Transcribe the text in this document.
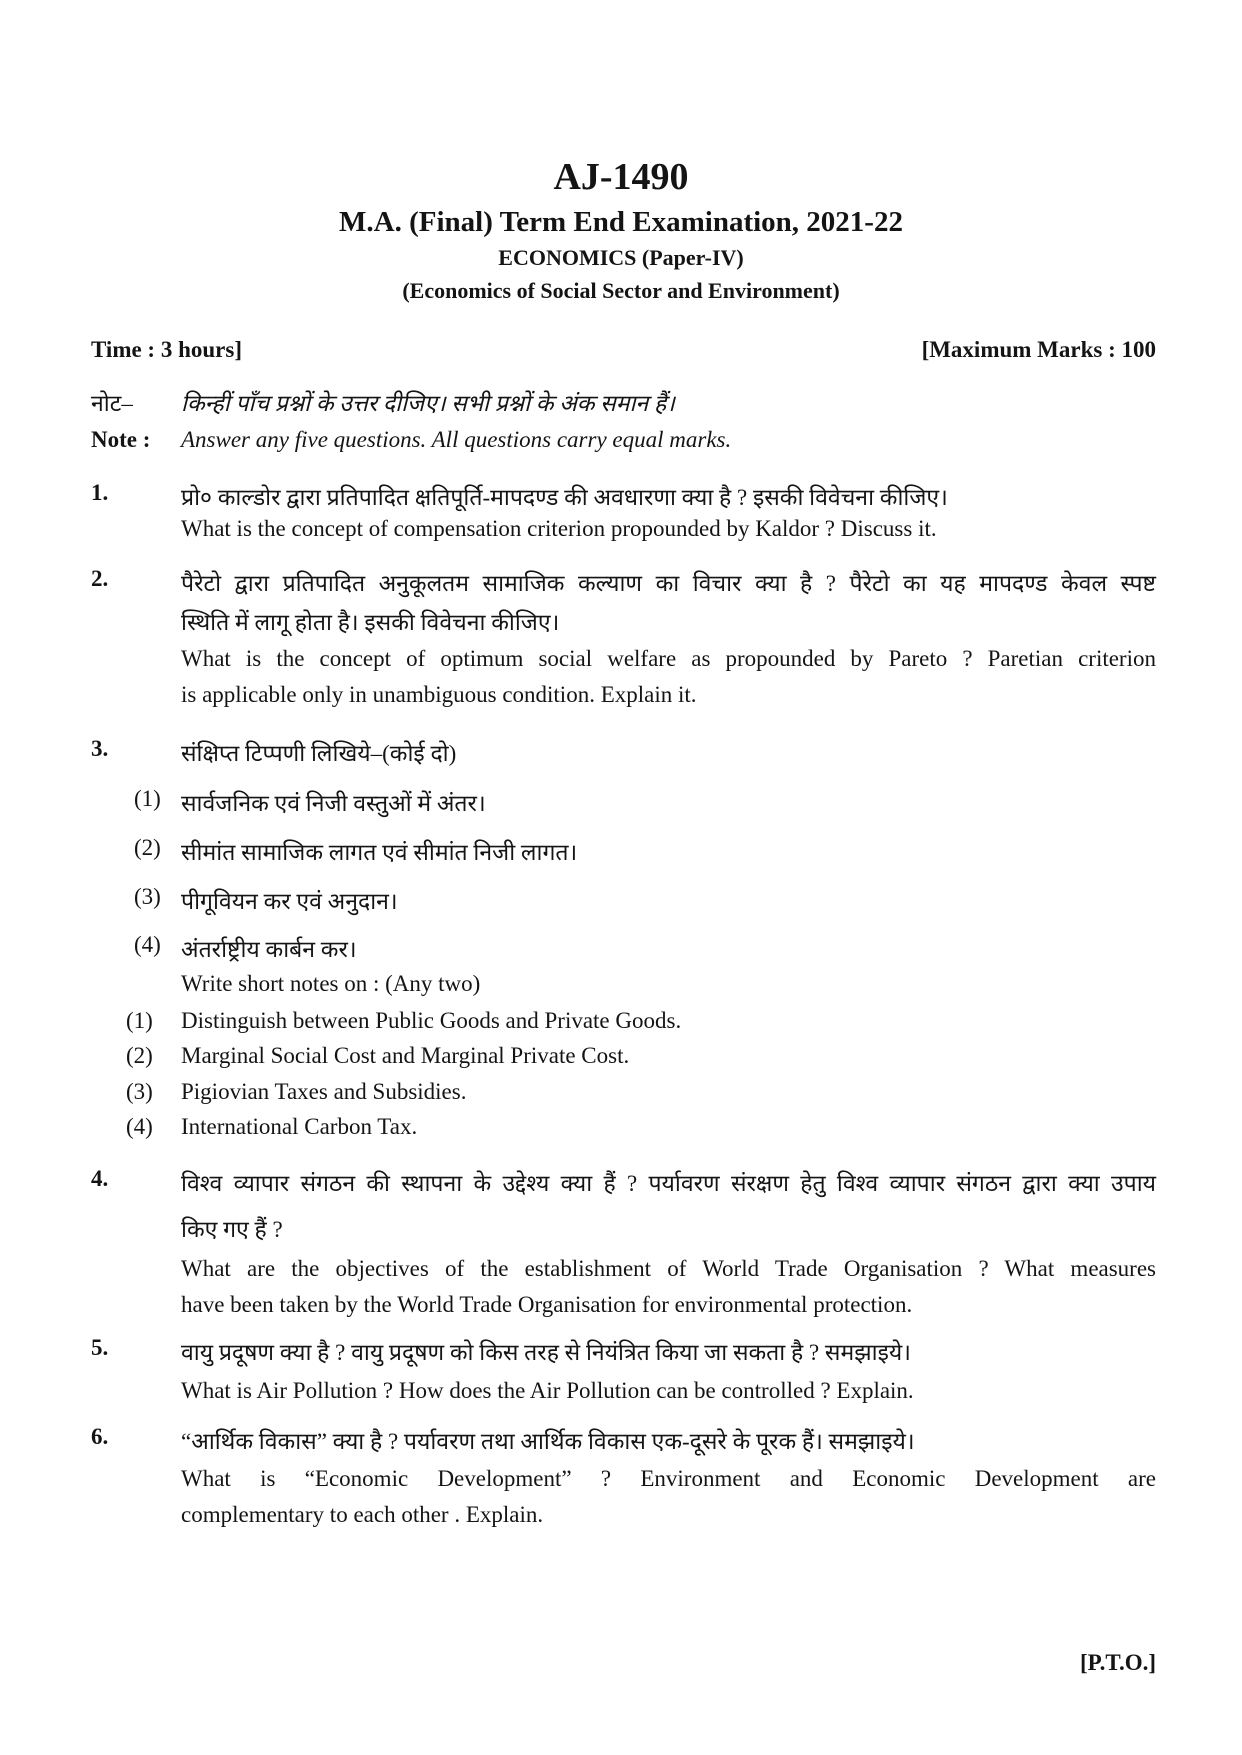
AJ-1490
M.A. (Final) Term End Examination, 2021-22
ECONOMICS (Paper-IV)
(Economics of Social Sector and Environment)
Time : 3 hours]	[Maximum Marks : 100
नोट– किन्हीं पाँच प्रश्नों के उत्तर दीजिए। सभी प्रश्नों के अंक समान हैं।
Note : Answer any five questions. All questions carry equal marks.
1.	प्रो० काल्डोर द्वारा प्रतिपादित क्षतिपूर्ति-मापदण्ड की अवधारणा क्या है ? इसकी विवेचना कीजिए।
What is the concept of compensation criterion propounded by Kaldor ? Discuss it.
2.	पैरेटो द्वारा प्रतिपादित अनुकूलतम सामाजिक कल्याण का विचार क्या है ? पैरेटो का यह मापदण्ड केवल स्पष्ट
स्थिति में लागू होता है। इसकी विवेचना कीजिए।
What is the concept of optimum social welfare as propounded by Pareto ? Paretian criterion
is applicable only in unambiguous condition. Explain it.
3.	संक्षिप्त टिप्पणी लिखिये–(कोई दो)
(1) सार्वजनिक एवं निजी वस्तुओं में अंतर।
(2) सीमांत सामाजिक लागत एवं सीमांत निजी लागत।
(3) पीगूवियन कर एवं अनुदान।
(4) अंतर्राष्ट्रीय कार्बन कर।
Write short notes on : (Any two)
(1) Distinguish between Public Goods and Private Goods.
(2) Marginal Social Cost and Marginal Private Cost.
(3) Pigiovian Taxes and Subsidies.
(4) International Carbon Tax.
4.	विश्व व्यापार संगठन की स्थापना के उद्देश्य क्या हैं ? पर्यावरण संरक्षण हेतु विश्व व्यापार संगठन द्वारा क्या उपाय
किए गए हैं ?
What are the objectives of the establishment of World Trade Organisation ? What measures
have been taken by the World Trade Organisation for environmental protection.
5.	वायु प्रदूषण क्या है ? वायु प्रदूषण को किस तरह से नियंत्रित किया जा सकता है ? समझाइये।
What is Air Pollution ? How does the Air Pollution can be controlled ? Explain.
6.	“आर्थिक विकास” क्या है ? पर्यावरण तथा आर्थिक विकास एक-दूसरे के पूरक हैं। समझाइये।
What is “Economic Development” ? Environment and Economic Development are
complementary to each other . Explain.
[P.T.O.]
